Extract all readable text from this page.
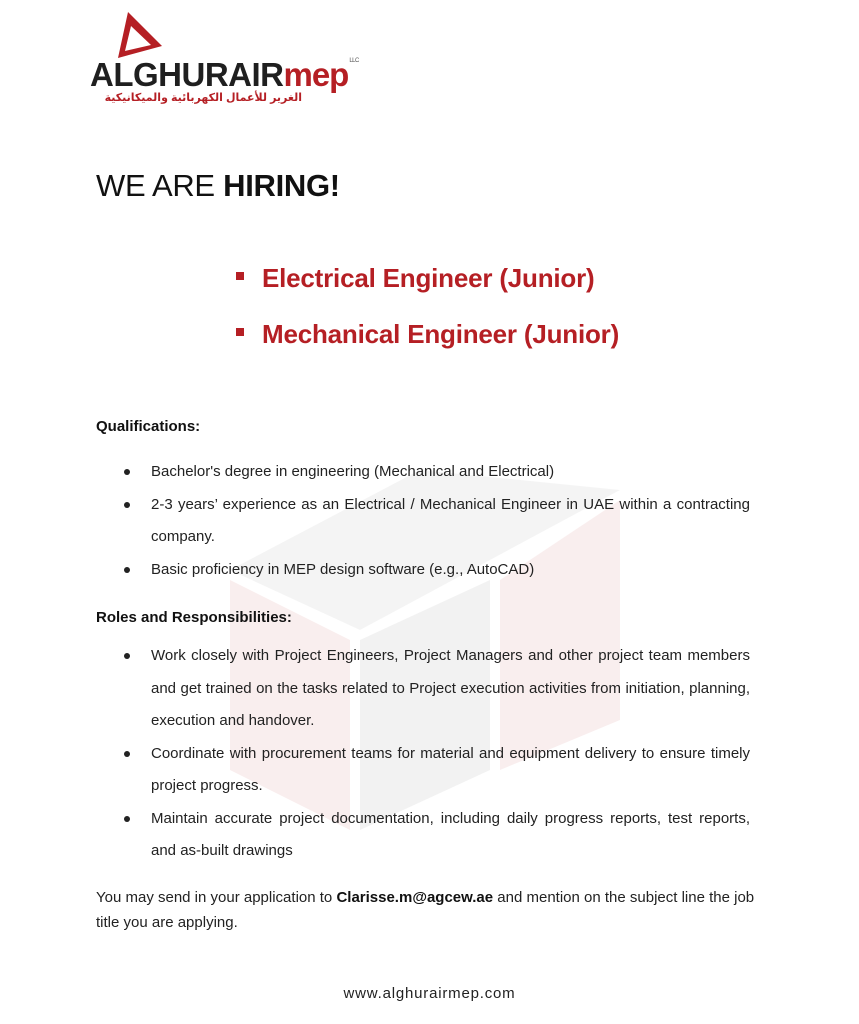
ALGHURAIRmep$^{LLC}$
الغرير للأعمال الكهربائية والميكانيكية
WE ARE HIRING!
Electrical Engineer (Junior)
Mechanical Engineer (Junior)
Qualifications:
Bachelor's degree in engineering (Mechanical and Electrical)
2-3 years’ experience as an Electrical / Mechanical Engineer in UAE within a contracting company.
Basic proficiency in MEP design software (e.g., AutoCAD)
Roles and Responsibilities:
Work closely with Project Engineers, Project Managers and other project team members and get trained on the tasks related to Project execution activities from initiation, planning, execution and handover.
Coordinate with procurement teams for material and equipment delivery to ensure timely project progress.
Maintain accurate project documentation, including daily progress reports, test reports, and as-built drawings
You may send in your application to Clarisse.m@agcew.ae and mention on the subject line the job title you are applying.
www.alghurairmep.com
